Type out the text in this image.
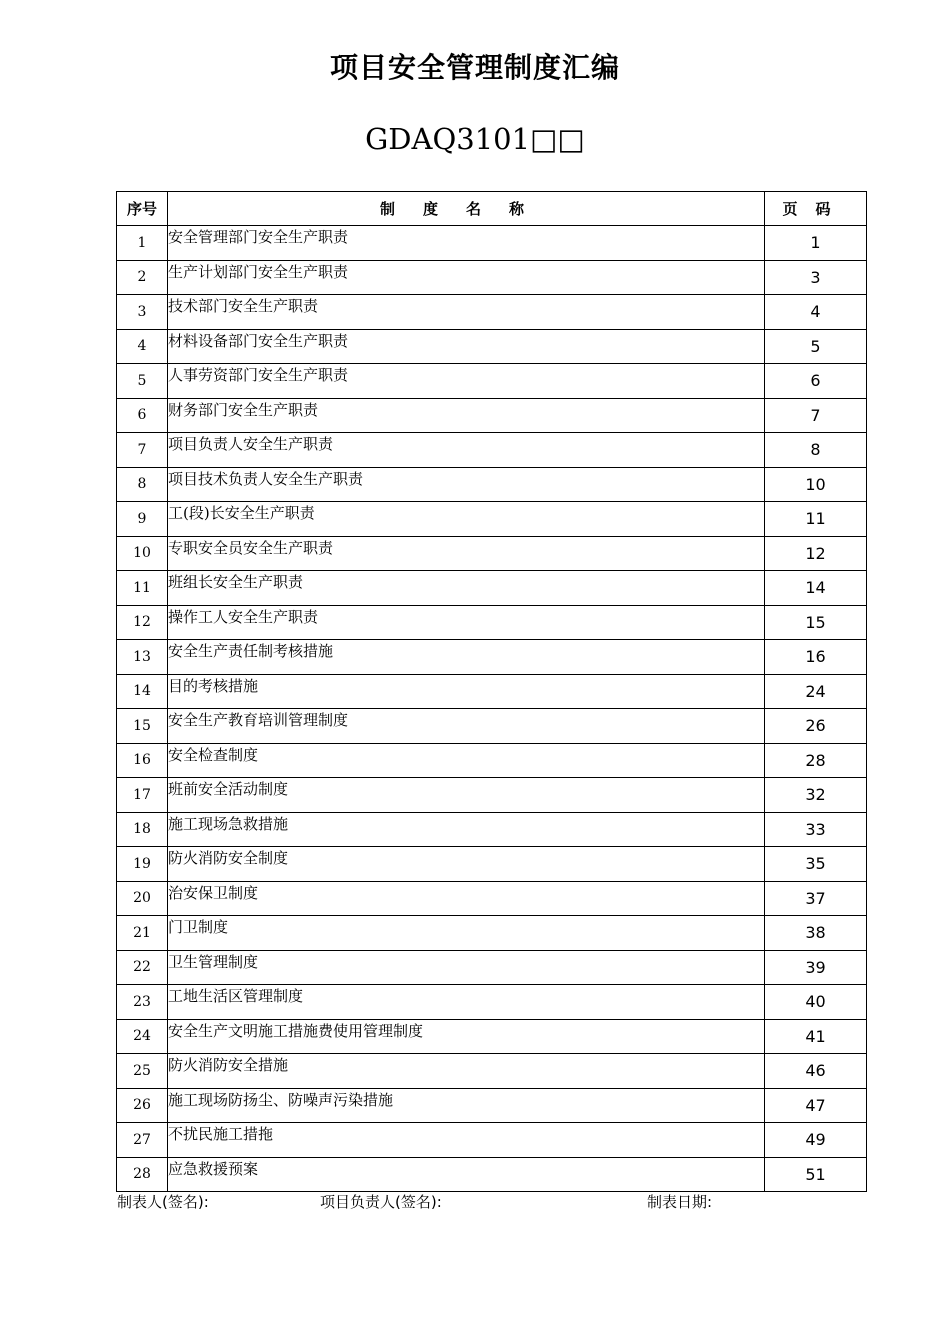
项目安全管理制度汇编
GDAQ3101□□
序号	制度名称	页码
1	安全管理部门安全生产职责	1
2	生产计划部门安全生产职责	3
3	技术部门安全生产职责	4
4	材料设备部门安全生产职责	5
5	人事劳资部门安全生产职责	6
6	财务部门安全生产职责	7
7	项目负责人安全生产职责	8
8	项目技术负责人安全生产职责	10
9	工(段)长安全生产职责	11
10	专职安全员安全生产职责	12
11	班组长安全生产职责	14
12	操作工人安全生产职责	15
13	安全生产责任制考核措施	16
14	目的考核措施	24
15	安全生产教育培训管理制度	26
16	安全检查制度	28
17	班前安全活动制度	32
18	施工现场急救措施	33
19	防火消防安全制度	35
20	治安保卫制度	37
21	门卫制度	38
22	卫生管理制度	39
23	工地生活区管理制度	40
24	安全生产文明施工措施费使用管理制度	41
25	防火消防安全措施	46
26	施工现场防扬尘、防噪声污染措施	47
27	不扰民施工措拖	49
28	应急救援预案	51
制表人(签名):	项目负责人(签名):	制表日期:
